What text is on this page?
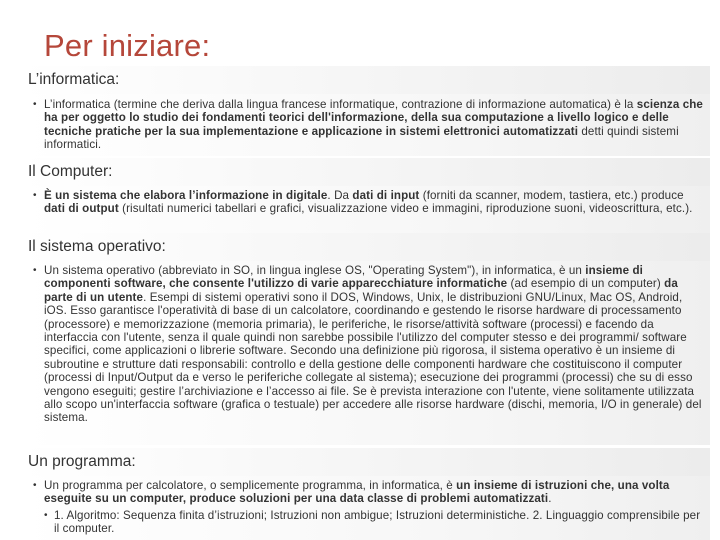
Per iniziare:
L’informatica:
• L’informatica (termine che deriva dalla lingua francese informatique, contrazione di informazione automatica) è la scienza che ha per oggetto lo studio dei fondamenti teorici dell'informazione, della sua computazione a livello logico e delle tecniche pratiche per la sua implementazione e applicazione in sistemi elettronici automatizzati detti quindi sistemi informatici.
Il Computer:
• È un sistema che elabora l’informazione in digitale. Da dati di input (forniti da scanner, modem, tastiera, etc.) produce dati di output (risultati numerici tabellari e grafici, visualizzazione video e immagini, riproduzione suoni, videoscrittura, etc.).
Il sistema operativo:
• Un sistema operativo (abbreviato in SO, in lingua inglese OS, "Operating System"), in informatica, è un insieme di componenti software, che consente l'utilizzo di varie apparecchiature informatiche (ad esempio di un computer) da parte di un utente. Esempi di sistemi operativi sono il DOS, Windows, Unix, le distribuzioni GNU/Linux, Mac OS, Android, iOS. Esso garantisce l'operatività di base di un calcolatore, coordinando e gestendo le risorse hardware di processamento (processore) e memorizzazione (memoria primaria), le periferiche, le risorse/attività software (processi) e facendo da interfaccia con l'utente, senza il quale quindi non sarebbe possibile l'utilizzo del computer stesso e dei programmi/ software specifici, come applicazioni o librerie software. Secondo una definizione più rigorosa, il sistema operativo è un insieme di subroutine e strutture dati responsabili: controllo e della gestione delle componenti hardware che costituiscono il computer (processi di Input/Output da e verso le periferiche collegate al sistema); esecuzione dei programmi (processi) che su di esso vengono eseguiti; gestire l’archiviazione e l’accesso ai file. Se è prevista interazione con l'utente, viene solitamente utilizzata allo scopo un'interfaccia software (grafica o testuale) per accedere alle risorse hardware (dischi, memoria, I/O in generale) del sistema.
Un programma:
• Un programma per calcolatore, o semplicemente programma, in informatica, è un insieme di istruzioni che, una volta eseguite su un computer, produce soluzioni per una data classe di problemi automatizzati.
• 1. Algoritmo: Sequenza finita d’istruzioni; Istruzioni non ambigue; Istruzioni deterministiche. 2. Linguaggio comprensibile per il computer.
